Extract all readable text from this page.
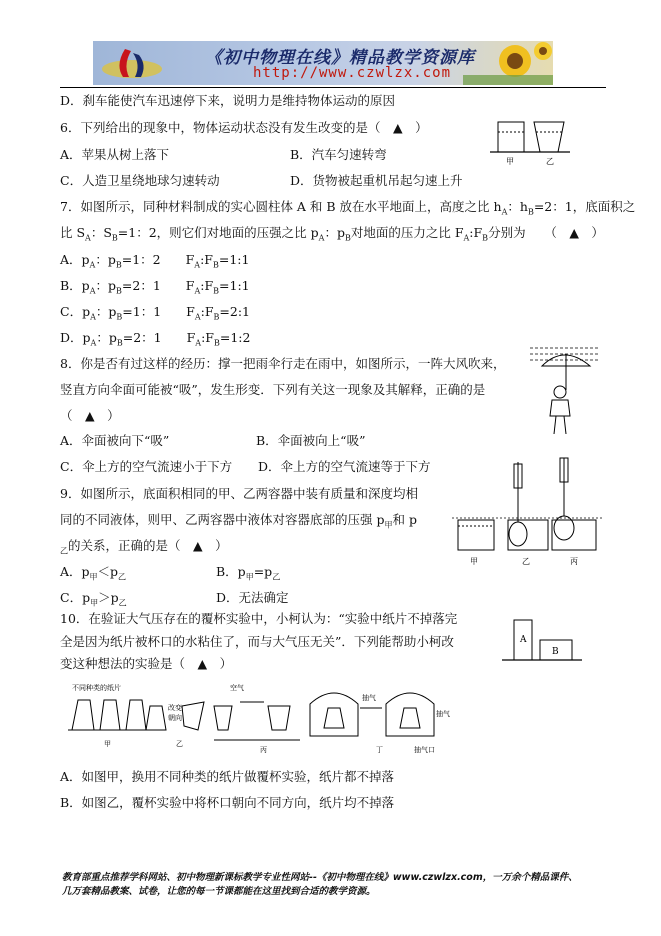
《初中物理在线》精品教学资源库
http://www.czwlzx.com
D．刹车能使汽车迅速停下来，说明力是维持物体运动的原因
6．下列给出的现象中，物体运动状态没有发生改变的是（　▲　）
A．苹果从树上落下	B．汽车匀速转弯
C．人造卫星绕地球匀速转动	D．货物被起重机吊起匀速上升
甲	乙
7．如图所示，同种材料制成的实心圆柱体 A 和 B 放在水平地面上，高度之比 $h_A$：$h_B=2$：1，底面积之
比 $S_A$：$S_B=1$：2，则它们对地面的压强之比 $p_A$：$p_B$对地面的压力之比 $F_A:F_B$分别为　　（　▲　）
A．$p_A$：$p_B=1$：2　　$F_A:F_B=1:1$
B．$p_A$：$p_B=2$：1　　$F_A:F_B=1:1$
C．$p_A$：$p_B=1$：1　　$F_A:F_B=2:1$
D．$p_A$：$p_B=2$：1　　$F_A:F_B=1:2$
8．你是否有过这样的经历：撑一把雨伞行走在雨中，如图所示，一阵大风吹来，
竖直方向伞面可能被“吸”，发生形变．下列有关这一现象及其解释，正确的是
（　▲　）
A．伞面被向下“吸”	B．伞面被向上“吸”
C．伞上方的空气流速小于下方 D．伞上方的空气流速等于下方
9．如图所示，底面积相同的甲、乙两容器中装有质量和深度均相
同的不同液体，则甲、乙两容器中液体对容器底部的压强 $p_甲$和 p
$_乙$的关系，正确的是（　▲　）
A．$p_甲<p_乙$	B．$p_甲=p_乙$
C．$p_甲>p_乙$	D．无法确定
甲	乙	丙
10．在验证大气压存在的覆杯实验中，小柯认为：“实验中纸片不掉落完
全是因为纸片被杯口的水粘住了，而与大气压无关”．下列能帮助小柯改
变这种想法的实验是（　▲　）
A
B
不同种类的纸片
甲
改变
朝向
乙
空气
丙
抽气
抽气
抽气口
丁
A．如图甲，换用不同种类的纸片做覆杯实验，纸片都不掉落
B．如图乙，覆杯实验中将杯口朝向不同方向，纸片均不掉落
教育部重点推荐学科网站、初中物理新课标教学专业性网站--《初中物理在线》www.czwlzx.com，一万余个精品课件、
几万套精品教案、试卷，让您的每一节课都能在这里找到合适的教学资源。
